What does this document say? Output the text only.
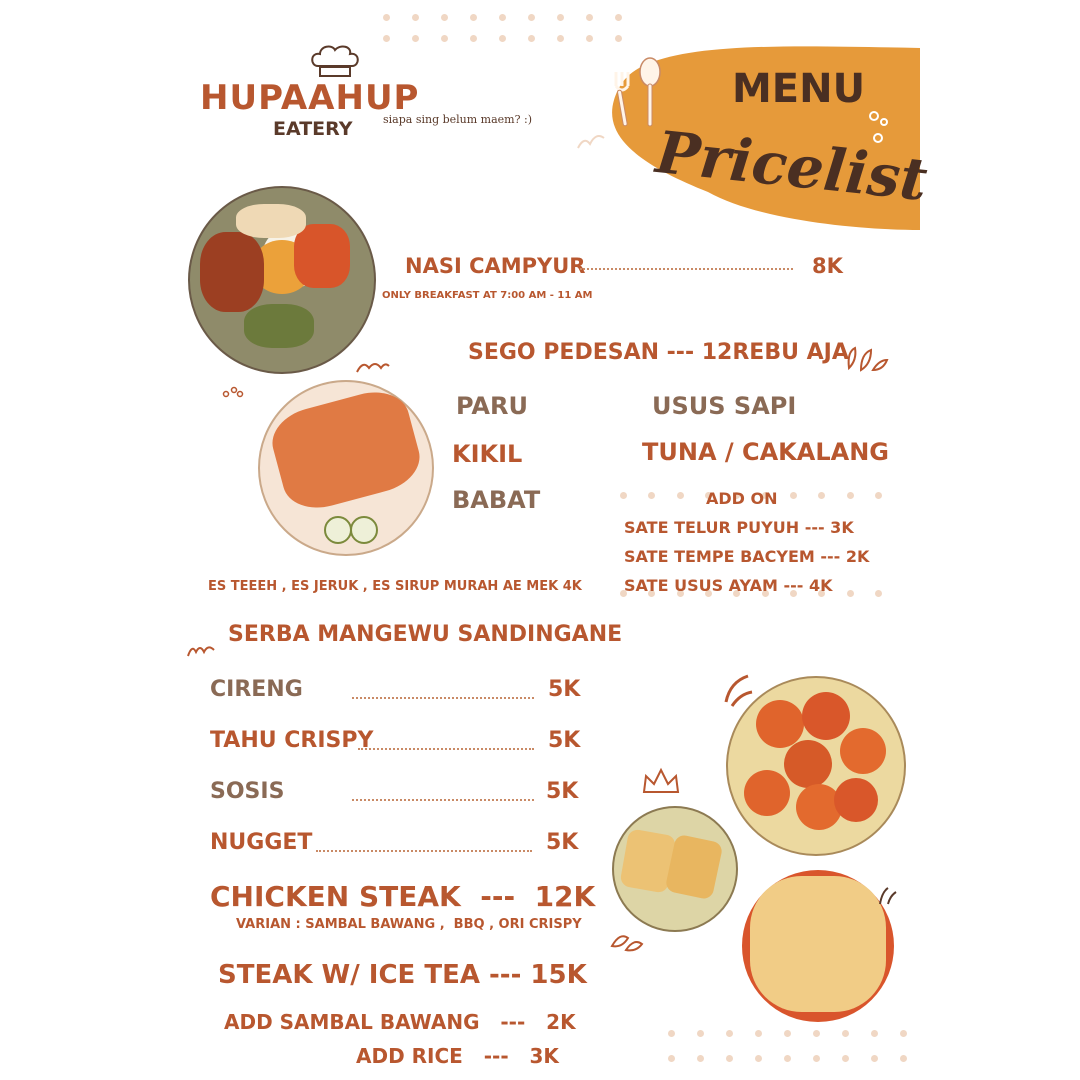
HUPAAHUP
EATERY	siapa sing belum maem? :)
MENU
Pricelist
NASI CAMPYUR	8K
ONLY BREAKFAST AT 7:00 AM - 11 AM
SEGO PEDESAN --- 12REBU AJA
PARU
KIKIL
BABAT
USUS SAPI
TUNA / CAKALANG
ADD ON
SATE TELUR PUYUH --- 3K
SATE TEMPE BACYEM --- 2K
SATE USUS AYAM --- 4K
ES TEEEH , ES JERUK , ES SIRUP MURAH AE MEK 4K
SERBA MANGEWU SANDINGANE
CIRENG	5K
TAHU CRISPY	5K
SOSIS	5K
NUGGET	5K
CHICKEN STEAK  ---  12K
VARIAN : SAMBAL BAWANG ,  BBQ , ORI CRISPY
STEAK W/ ICE TEA --- 15K
ADD SAMBAL BAWANG   ---   2K
ADD RICE   ---   3K
